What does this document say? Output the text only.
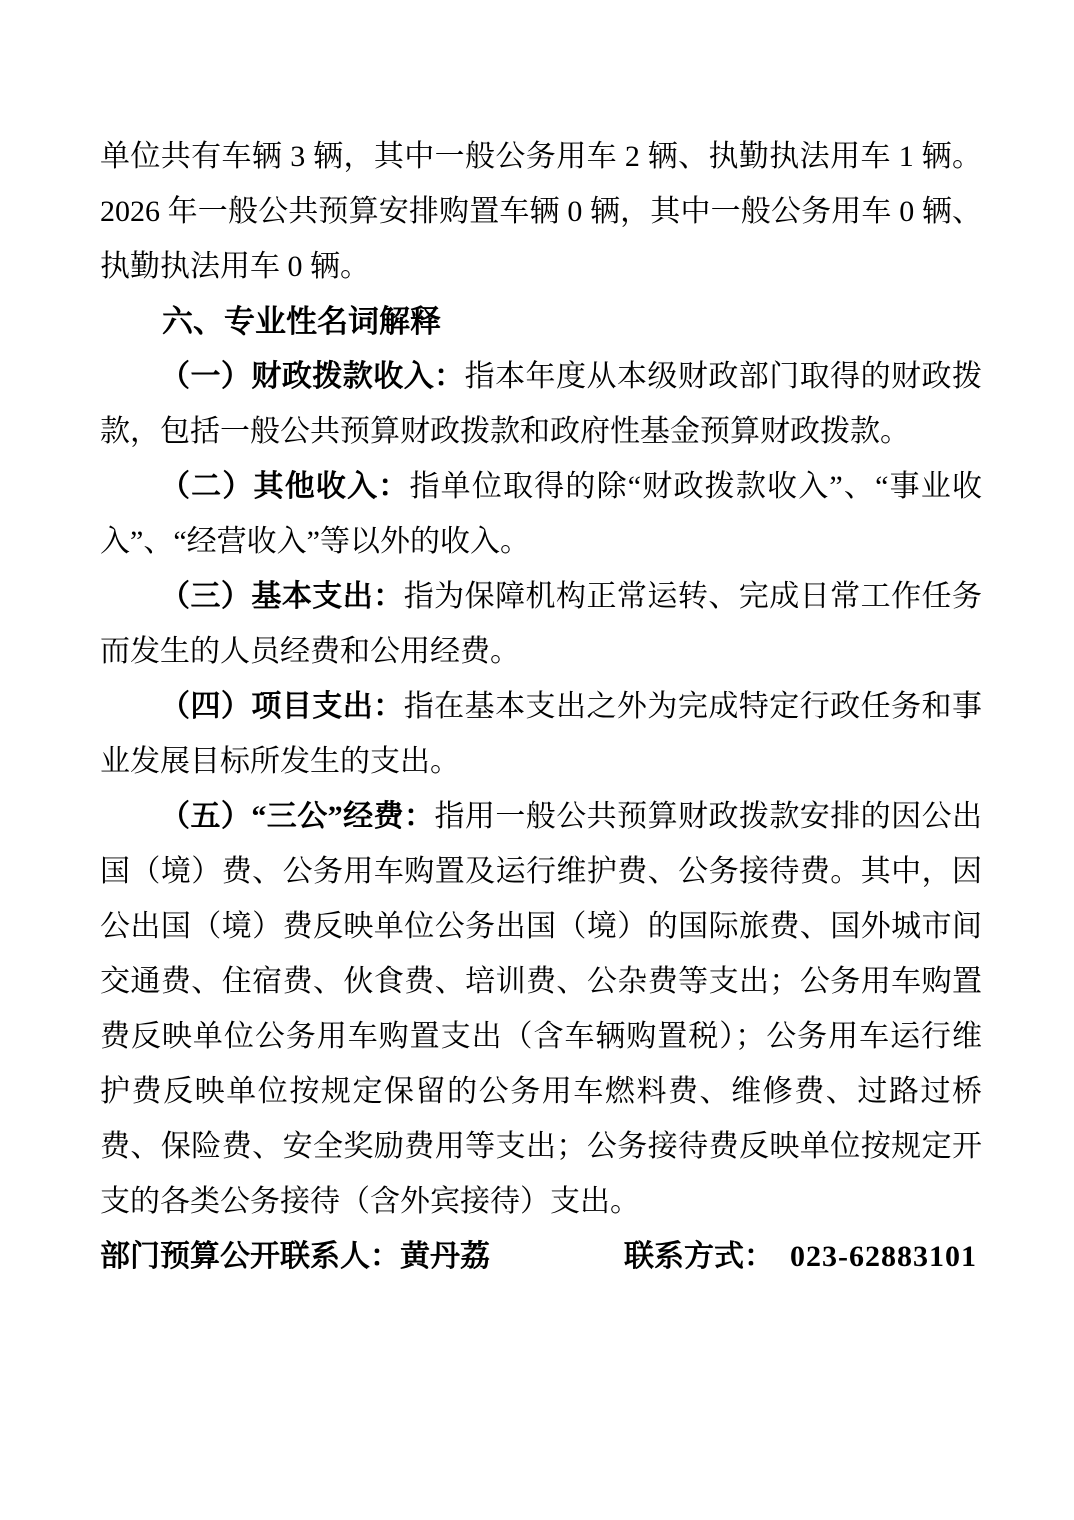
单位共有车辆 3 辆，其中一般公务用车 2 辆、执勤执法用车 1 辆。2026 年一般公共预算安排购置车辆 0 辆，其中一般公务用车 0 辆、执勤执法用车 0 辆。

六、专业性名词解释

（一）财政拨款收入：指本年度从本级财政部门取得的财政拨款，包括一般公共预算财政拨款和政府性基金预算财政拨款。

（二）其他收入：指单位取得的除“财政拨款收入”、“事业收入”、“经营收入”等以外的收入。

（三）基本支出：指为保障机构正常运转、完成日常工作任务而发生的人员经费和公用经费。

（四）项目支出：指在基本支出之外为完成特定行政任务和事业发展目标所发生的支出。

（五）“三公”经费：指用一般公共预算财政拨款安排的因公出国（境）费、公务用车购置及运行维护费、公务接待费。其中，因公出国（境）费反映单位公务出国（境）的国际旅费、国外城市间交通费、住宿费、伙食费、培训费、公杂费等支出；公务用车购置费反映单位公务用车购置支出（含车辆购置税）；公务用车运行维护费反映单位按规定保留的公务用车燃料费、维修费、过路过桥费、保险费、安全奖励费用等支出；公务接待费反映单位按规定开支的各类公务接待（含外宾接待）支出。

部门预算公开联系人：黄丹荔	联系方式： 023-62883101
